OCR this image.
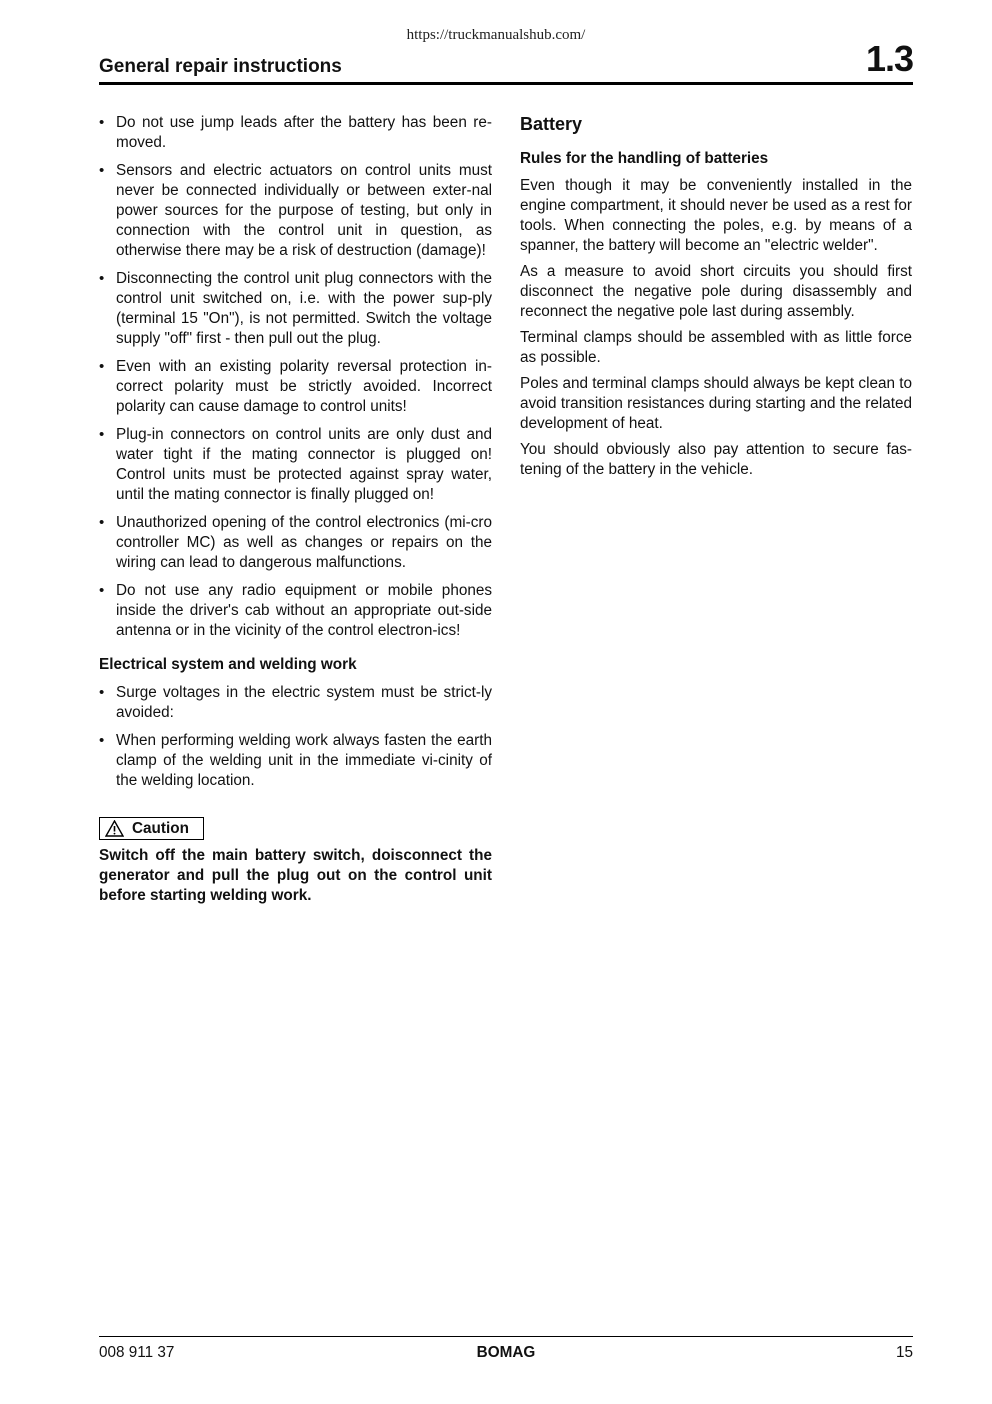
https://truckmanualshub.com/
General repair instructions	1.3
• Do not use jump leads after the battery has been re-moved.
• Sensors and electric actuators on control units must never be connected individually or between exter-nal power sources for the purpose of testing, but only in connection with the control unit in question, as otherwise there may be a risk of destruction (damage)!
• Disconnecting the control unit plug connectors with the control unit switched on, i.e. with the power sup-ply (terminal 15 "On"), is not permitted. Switch the voltage supply "off" first - then pull out the plug.
• Even with an existing polarity reversal protection in-correct polarity must be strictly avoided. Incorrect polarity can cause damage to control units!
• Plug-in connectors on control units are only dust and water tight if the mating connector is plugged on! Control units must be protected against spray water, until the mating connector is finally plugged on!
• Unauthorized opening of the control electronics (mi-cro controller MC) as well as changes or repairs on the wiring can lead to dangerous malfunctions.
• Do not use any radio equipment or mobile phones inside the driver's cab without an appropriate out-side antenna or in the vicinity of the control electron-ics!

Electrical system and welding work

• Surge voltages in the electric system must be strict-ly avoided:
• When performing welding work always fasten the earth clamp of the welding unit in the immediate vi-cinity of the welding location.
Caution
Switch off the main battery switch, doisconnect the generator and pull the plug out on the control unit before starting welding work.

Battery

Rules for the handling of batteries

Even though it may be conveniently installed in the engine compartment, it should never be used as a rest for tools. When connecting the poles, e.g. by means of a spanner, the battery will become an "electric welder".
As a measure to avoid short circuits you should first disconnect the negative pole during disassembly and reconnect the negative pole last during assembly.
Terminal clamps should be assembled with as little force as possible.
Poles and terminal clamps should always be kept clean to avoid transition resistances during starting and the related development of heat.
You should obviously also pay attention to secure fas-tening of the battery in the vehicle.
008 911 37	BOMAG	15
